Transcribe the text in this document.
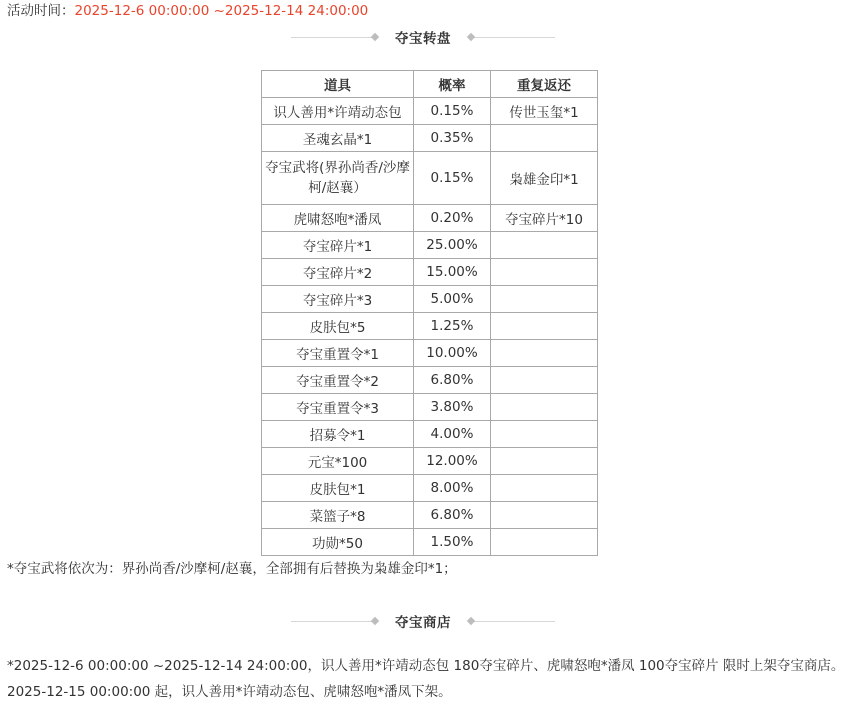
活动时间：2025-12-6 00:00:00 ~2025-12-14 24:00:00
夺宝转盘
道具	概率	重复返还
识人善用*许靖动态包	0.15%	传世玉玺*1
圣魂玄晶*1	0.35%	
夺宝武将(界孙尚香/沙摩柯/赵襄）	0.15%	枭雄金印*1
虎啸怒咆*潘凤	0.20%	夺宝碎片*10
夺宝碎片*1	25.00%	
夺宝碎片*2	15.00%	
夺宝碎片*3	5.00%	
皮肤包*5	1.25%	
夺宝重置令*1	10.00%	
夺宝重置令*2	6.80%	
夺宝重置令*3	3.80%	
招募令*1	4.00%	
元宝*100	12.00%	
皮肤包*1	8.00%	
菜篮子*8	6.80%	
功勋*50	1.50%	
*夺宝武将依次为：界孙尚香/沙摩柯/赵襄，全部拥有后替换为枭雄金印*1；
夺宝商店
*2025-12-6 00:00:00 ~2025-12-14 24:00:00，识人善用*许靖动态包 180夺宝碎片、虎啸怒咆*潘凤 100夺宝碎片 限时上架夺宝商店。
2025-12-15 00:00:00 起，识人善用*许靖动态包、虎啸怒咆*潘凤下架。
